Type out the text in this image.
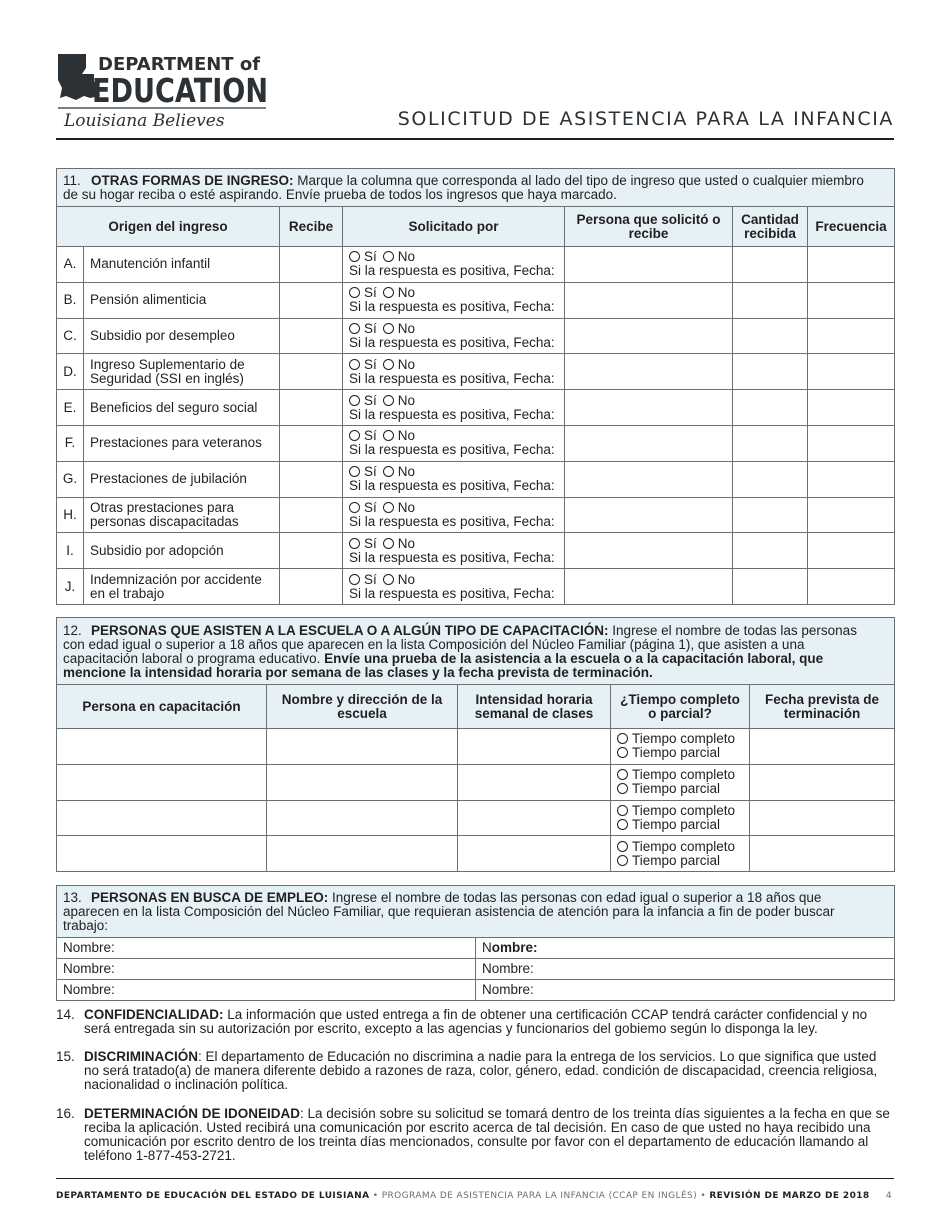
DEPARTMENT of
EDUCATION
Louisiana Believes	SOLICITUD DE ASISTENCIA PARA LA INFANCIA
11. OTRAS FORMAS DE INGRESO: Marque la columna que corresponda al lado del tipo de ingreso que usted o cualquier miembro de su hogar reciba o esté aspirando. Envíe prueba de todos los ingresos que haya marcado.						
Origen del ingreso		Recibe	Solicitado por	Persona que solicitó o recibe	Cantidad recibida	Frecuencia
A.	Manutención infantil		Sí No
Si la respuesta es positiva, Fecha:			

B.	Pensión alimenticia		Sí No
Si la respuesta es positiva, Fecha:			

C.	Subsidio por desempleo		Sí No
Si la respuesta es positiva, Fecha:			

D.	Ingreso Suplementario de Seguridad (SSI en inglés)		Sí No
Si la respuesta es positiva, Fecha:			

E.	Beneficios del seguro social		Sí No
Si la respuesta es positiva, Fecha:			

F.	Prestaciones para veteranos		Sí No
Si la respuesta es positiva, Fecha:			

G.	Prestaciones de jubilación		Sí No
Si la respuesta es positiva, Fecha:			

H.	Otras prestaciones para personas discapacitadas		Sí No
Si la respuesta es positiva, Fecha:			

I.	Subsidio por adopción		Sí No
Si la respuesta es positiva, Fecha:			

J.	Indemnización por accidente en el trabajo		Sí No
Si la respuesta es positiva, Fecha:			

12. PERSONAS QUE ASISTEN A LA ESCUELA O A ALGÚN TIPO DE CAPACITACIÓN: Ingrese el nombre de todas las personas con edad igual o superior a 18 años que aparecen en la lista Composición del Núcleo Familiar (página 1), que asisten a una capacitación laboral o programa educativo. Envíe una prueba de la asistencia a la escuela o a la capacitación laboral, que mencione la intensidad horaria por semana de las clases y la fecha prevista de terminación.				
Persona en capacitación	Nombre y dirección de la escuela	Intensidad horaria semanal de clases	¿Tiempo completo o parcial?	Fecha prevista de terminación

			Tiempo completo
Tiempo parcial	

			Tiempo completo
Tiempo parcial	

			Tiempo completo
Tiempo parcial	

			Tiempo completo
Tiempo parcial	

13. PERSONAS EN BUSCA DE EMPLEO: Ingrese el nombre de todas las personas con edad igual o superior a 18 años que aparecen en la lista Composición del Núcleo Familiar, que requieran asistencia de atención para la infancia a fin de poder buscar trabajo:	
Nombre:	Nombre:
Nombre:	Nombre:
Nombre:	Nombre:
14. CONFIDENCIALIDAD: La información que usted entrega a fin de obtener una certificación CCAP tendrá carácter confidencial y no será entregada sin su autorización por escrito, excepto a las agencias y funcionarios del gobiemo según lo disponga la ley.
15. DISCRIMINACIÓN: El departamento de Educación no discrimina a nadie para la entrega de los servicios. Lo que significa que usted no será tratado(a) de manera diferente debido a razones de raza, color, género, edad. condición de discapacidad, creencia religiosa, nacionalidad o inclinación política.
16. DETERMINACIÓN DE IDONEIDAD: La decisión sobre su solicitud se tomará dentro de los treinta días siguientes a la fecha en que se reciba la aplicación. Usted recibirá una comunicación por escrito acerca de tal decisión. En caso de que usted no haya recibido una comunicación por escrito dentro de los treinta días mencionados, consulte por favor con el departamento de educación llamando al teléfono 1-877-453-2721.
DEPARTAMENTO DE EDUCACIÓN DEL ESTADO DE LUISIANA • PROGRAMA DE ASISTENCIA PARA LA INFANCIA (CCAP EN INGLÉS) • REVISIÓN DE MARZO DE 2018 4
